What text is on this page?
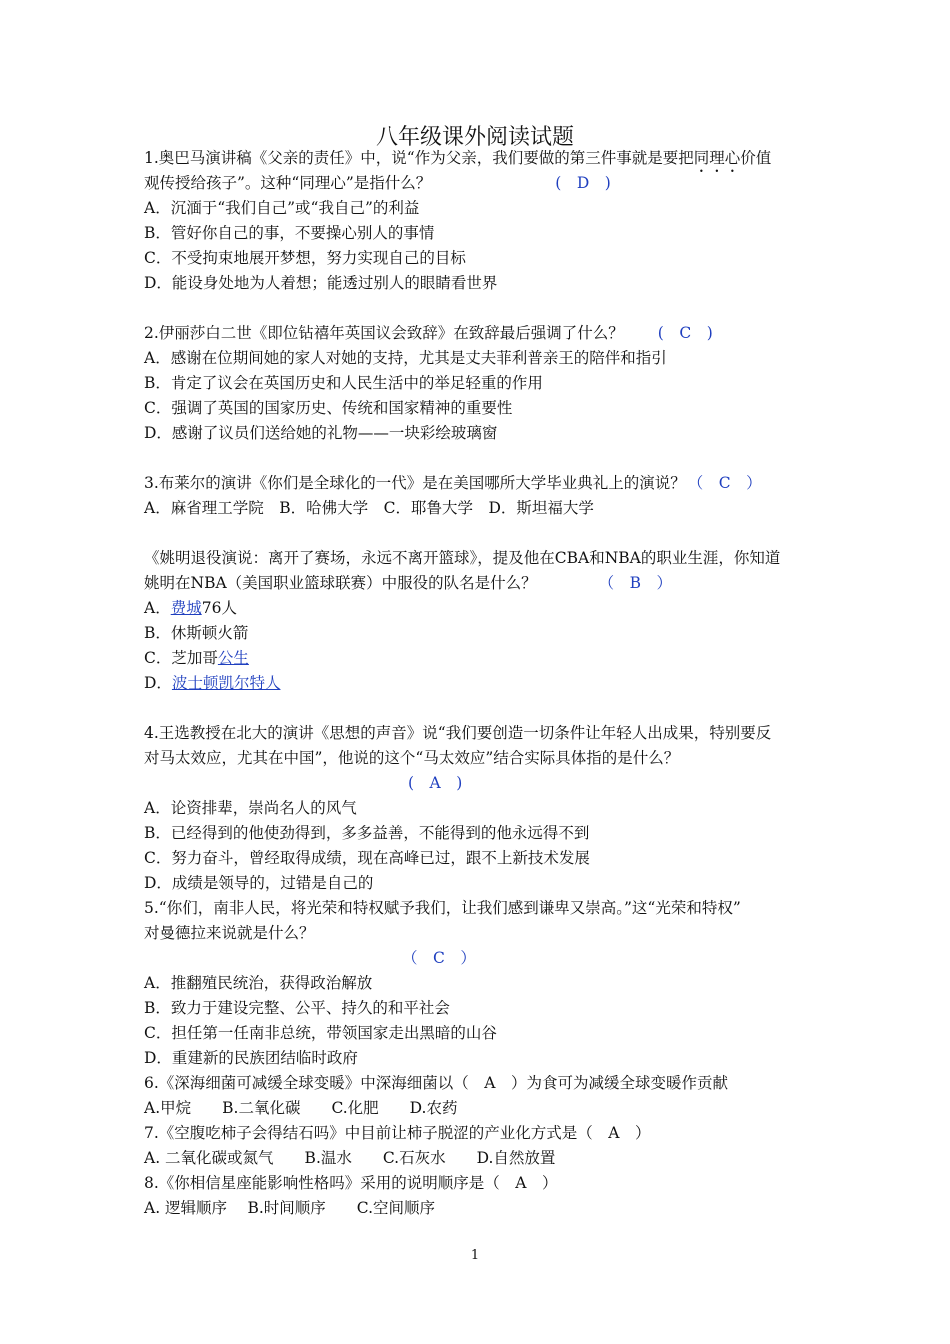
八年级课外阅读试题
1.奥巴马演讲稿《父亲的责任》中，说“作为父亲，我们要做的第三件事就是要把同理心价值
观传授给孩子”。这种“同理心”是指什么？	(　D　)
A．沉湎于“我们自己”或“我自己”的利益
B．管好你自己的事，不要操心别人的事情
C．不受拘束地展开梦想，努力实现自己的目标
D．能设身处地为人着想；能透过别人的眼睛看世界
2.伊丽莎白二世《即位钻禧年英国议会致辞》在致辞最后强调了什么？ (　C　)
A．感谢在位期间她的家人对她的支持，尤其是丈夫菲利普亲王的陪伴和指引
B．肯定了议会在英国历史和人民生活中的举足轻重的作用
C．强调了英国的国家历史、传统和国家精神的重要性
D．感谢了议员们送给她的礼物——一块彩绘玻璃窗
3.布莱尔的演讲《你们是全球化的一代》是在美国哪所大学毕业典礼上的演说？ （　C　）
A．麻省理工学院　B．哈佛大学　C．耶鲁大学　D．斯坦福大学
《姚明退役演说：离开了赛场，永远不离开篮球》，提及他在CBA和NBA的职业生涯，你知道
姚明在NBA（美国职业篮球联赛）中服役的队名是什么？	（　B　）
A．费城76人
B．休斯顿火箭
C．芝加哥公生
D．波士顿凯尔特人
4.王选教授在北大的演讲《思想的声音》说“我们要创造一切条件让年轻人出成果，特别要反
对马太效应，尤其在中国”，他说的这个“马太效应”结合实际具体指的是什么？
(　A　)
A．论资排辈，崇尚名人的风气
B．已经得到的他使劲得到，多多益善，不能得到的他永远得不到
C．努力奋斗，曾经取得成绩，现在高峰已过，跟不上新技术发展
D．成绩是领导的，过错是自己的
5.“你们，南非人民，将光荣和特权赋予我们，让我们感到谦卑又崇高。”这“光荣和特权”
对曼德拉来说就是什么？
（　C　）
A．推翻殖民统治，获得政治解放
B．致力于建设完整、公平、持久的和平社会
C．担任第一任南非总统，带领国家走出黑暗的山谷
D．重建新的民族团结临时政府
6.《深海细菌可减缓全球变暖》中深海细菌以（　A　）为食可为减缓全球变暖作贡献
A.甲烷　　B.二氧化碳　　C.化肥　　D.农药
7.《空腹吃柿子会得结石吗》中目前让柿子脱涩的产业化方式是（　A　）
A. 二氧化碳或氮气　　B.温水　　C.石灰水　　D.自然放置
8.《你相信星座能影响性格吗》采用的说明顺序是（　A　）
A. 逻辑顺序　 B.时间顺序　　C.空间顺序
1
